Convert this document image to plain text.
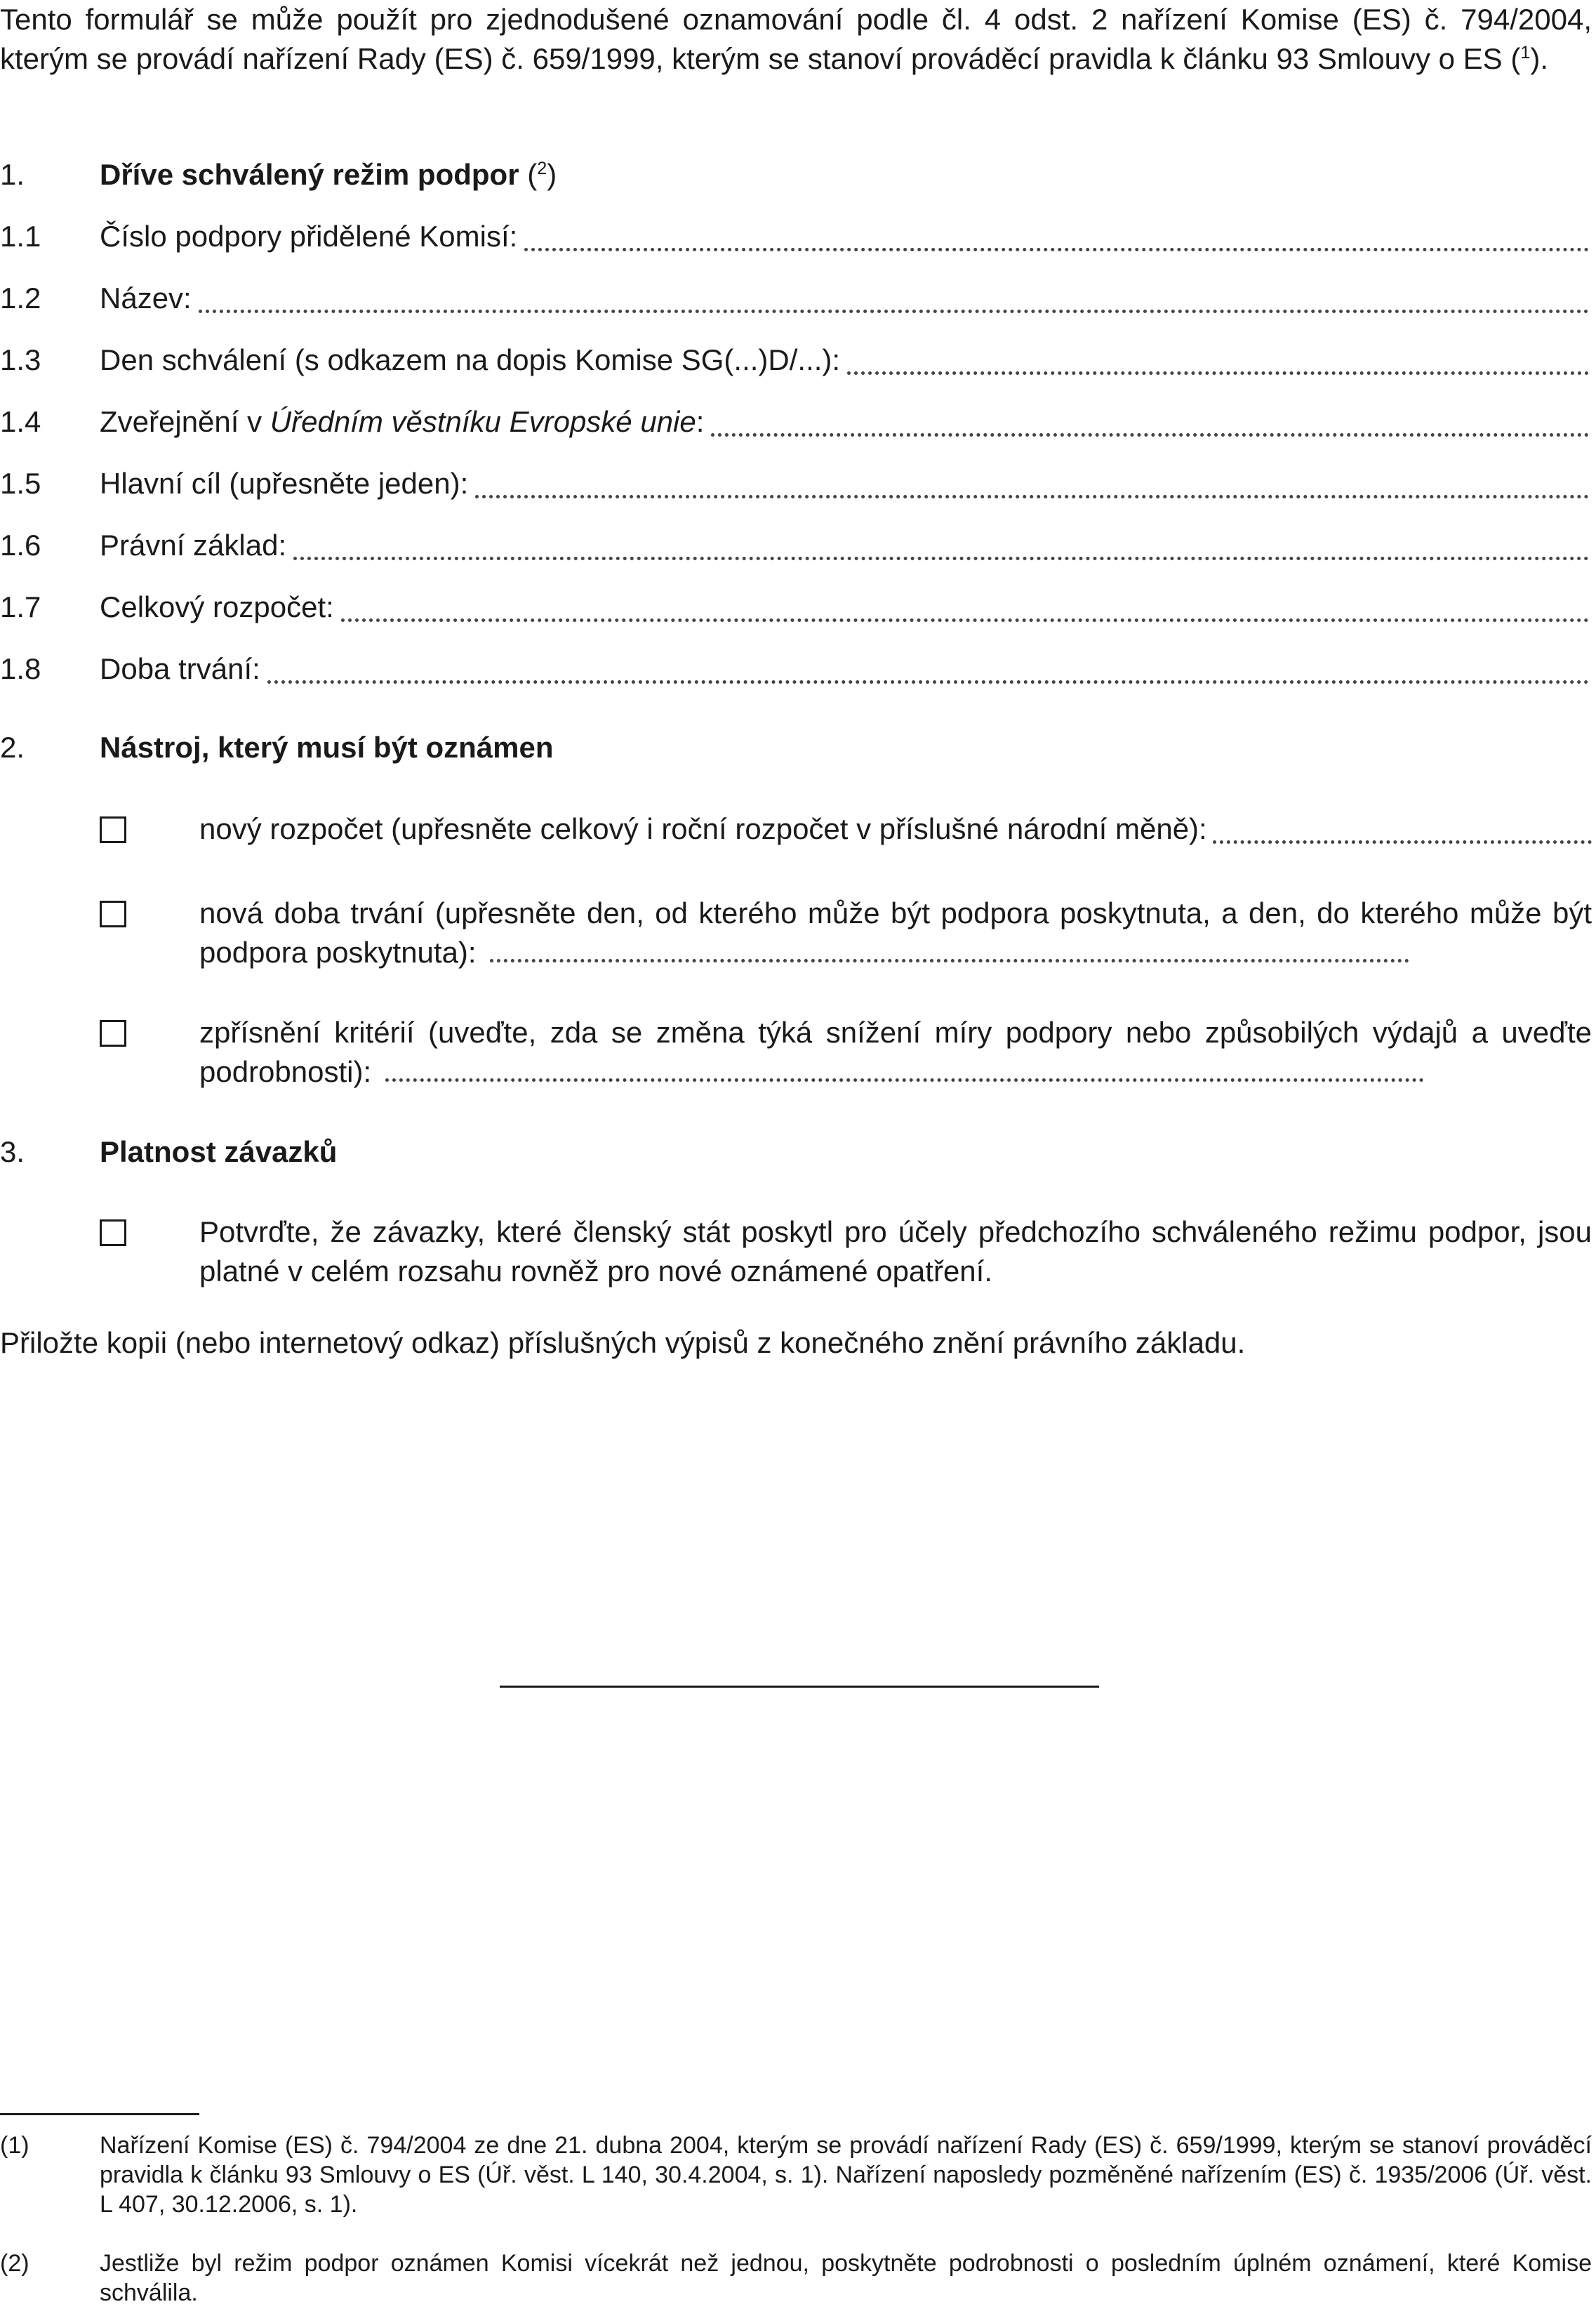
Tento formulář se může použít pro zjednodušené oznamování podle čl. 4 odst. 2 nařízení Komise (ES) č. 794/2004, kterým se provádí nařízení Rady (ES) č. 659/1999, kterým se stanoví prováděcí pravidla k článku 93 Smlouvy o ES ($^1$).

1.	Dříve schválený režim podpor ($^2$)
1.1	Číslo podpory přidělené Komisí:
1.2	Název:
1.3	Den schválení (s odkazem na dopis Komise SG(...)D/...):
1.4	Zveřejnění v Úředním věstníku Evropské unie:
1.5	Hlavní cíl (upřesněte jeden):
1.6	Právní základ:
1.7	Celkový rozpočet:
1.8	Doba trvání:
2.	Nástroj, který musí být oznámen
nový rozpočet (upřesněte celkový i roční rozpočet v příslušné národní měně):
nová doba trvání (upřesněte den, od kterého může být podpora poskytnuta, a den, do kterého může být podpora poskytnuta):
zpřísnění kritérií (uveďte, zda se změna týká snížení míry podpory nebo způsobilých výdajů a uveďte podrobnosti):
3.	Platnost závazků
Potvrďte, že závazky, které členský stát poskytl pro účely předchozího schváleného režimu podpor, jsou platné v celém rozsahu rovněž pro nové oznámené opatření.
Přiložte kopii (nebo internetový odkaz) příslušných výpisů z konečného znění právního základu.
(1)	Nařízení Komise (ES) č. 794/2004 ze dne 21. dubna 2004, kterým se provádí nařízení Rady (ES) č. 659/1999, kterým se stanoví prováděcí pravidla k článku 93 Smlouvy o ES (Úř. věst. L 140, 30.4.2004, s. 1). Nařízení naposledy pozměněné nařízením (ES) č. 1935/2006 (Úř. věst. L 407, 30.12.2006, s. 1).
(2)	Jestliže byl režim podpor oznámen Komisi vícekrát než jednou, poskytněte podrobnosti o posledním úplném oznámení, které Komise schválila.
